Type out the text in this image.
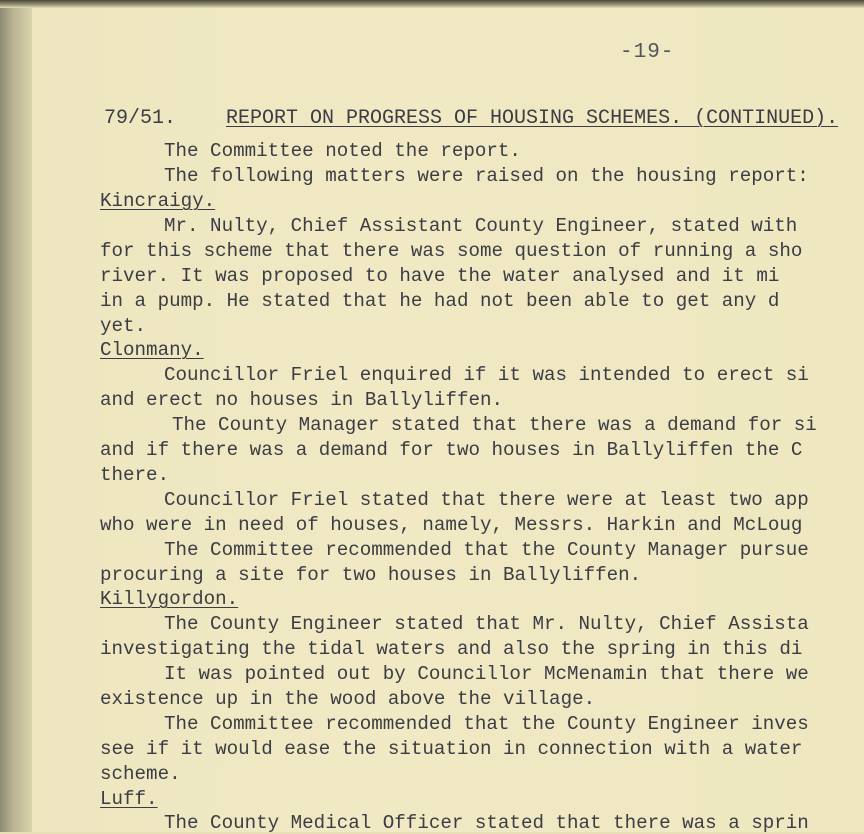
-19-
79/51. REPORT ON PROGRESS OF HOUSING SCHEMES. (CONTINUED).
The Committee noted the report.
The following matters were raised on the housing report:
Kincraigy.
Mr. Nulty, Chief Assistant County Engineer, stated with
for this scheme that there was some question of running a sho
river. It was proposed to have the water analysed and it mi
in a pump. He stated that he had not been able to get any d
yet.
Clonmany.
Councillor Friel enquired if it was intended to erect si
and erect no houses in Ballyliffen.
The County Manager stated that there was a demand for si
and if there was a demand for two houses in Ballyliffen the C
there.
Councillor Friel stated that there were at least two app
who were in need of houses, namely, Messrs. Harkin and McLoug
The Committee recommended that the County Manager pursue
procuring a site for two houses in Ballyliffen.
Killygordon.
The County Engineer stated that Mr. Nulty, Chief Assista
investigating the tidal waters and also the spring in this di
It was pointed out by Councillor McMenamin that there we
existence up in the wood above the village.
The Committee recommended that the County Engineer inves
see if it would ease the situation in connection with a water
scheme.
Luff.
The County Medical Officer stated that there was a sprin
